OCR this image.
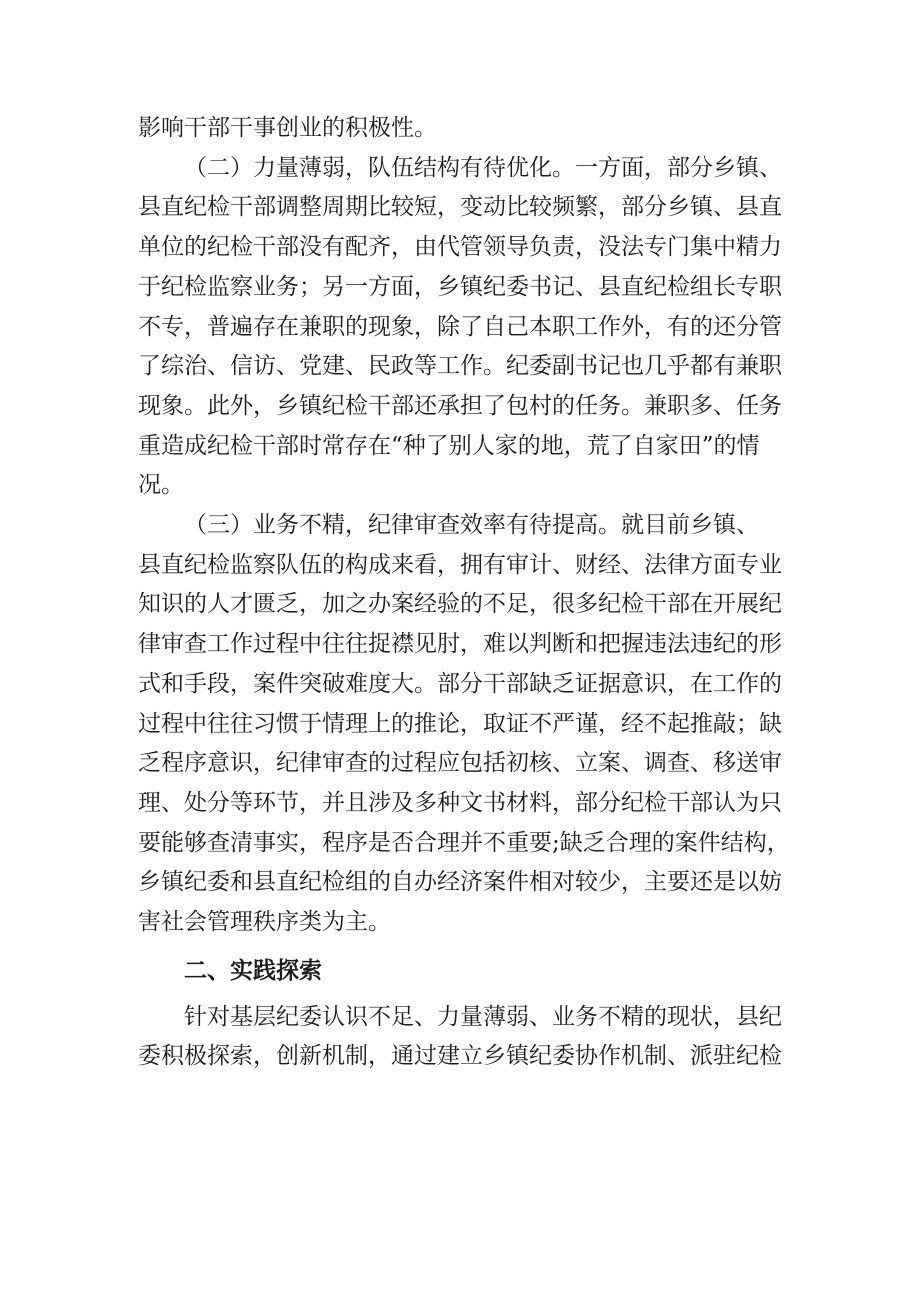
影响干部干事创业的积极性。

（二）力量薄弱，队伍结构有待优化。一方面，部分乡镇、
县直纪检干部调整周期比较短，变动比较频繁，部分乡镇、县直
单位的纪检干部没有配齐，由代管领导负责，没法专门集中精力
于纪检监察业务；另一方面，乡镇纪委书记、县直纪检组长专职
不专，普遍存在兼职的现象，除了自己本职工作外，有的还分管
了综治、信访、党建、民政等工作。纪委副书记也几乎都有兼职
现象。此外，乡镇纪检干部还承担了包村的任务。兼职多、任务
重造成纪检干部时常存在“种了别人家的地，荒了自家田”的情
况。

（三）业务不精，纪律审查效率有待提高。就目前乡镇、
县直纪检监察队伍的构成来看，拥有审计、财经、法律方面专业
知识的人才匮乏，加之办案经验的不足，很多纪检干部在开展纪
律审查工作过程中往往捉襟见肘，难以判断和把握违法违纪的形
式和手段，案件突破难度大。部分干部缺乏证据意识，在工作的
过程中往往习惯于情理上的推论，取证不严谨，经不起推敲；缺
乏程序意识，纪律审查的过程应包括初核、立案、调查、移送审
理、处分等环节，并且涉及多种文书材料，部分纪检干部认为只
要能够查清事实，程序是否合理并不重要;缺乏合理的案件结构，
乡镇纪委和县直纪检组的自办经济案件相对较少，主要还是以妨
害社会管理秩序类为主。

二、实践探索

针对基层纪委认识不足、力量薄弱、业务不精的现状，县纪
委积极探索，创新机制，通过建立乡镇纪委协作机制、派驻纪检
